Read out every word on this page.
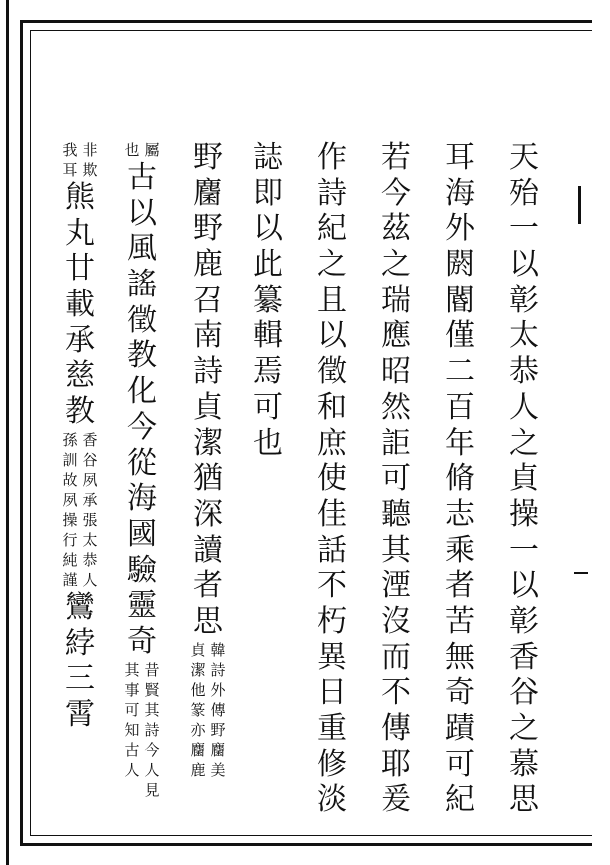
天
殆
一
以
彰
太
恭
人
之
貞
操
一
以
彰
香
谷
之
慕
思
耳
海
外
閼
閽
僅
二
百
年
脩
志
乘
者
苦
無
奇
蹟
可
紀
若
今
茲
之
瑞
應
昭
然
詎
可
聽
其
湮
沒
而
不
傳
耶
爰
作
詩
紀
之
且
以
徵
和
庶
使
佳
話
不
朽
異
日
重
修
淡
誌
即
以
此
纂
輯
焉
可
也
野
麕
野
鹿
召
南
詩
貞
潔
猶
深
讀
者
思
韓
詩
外
傳
野
麕
美
貞
潔
他
篆
亦
麕
鹿
屬
也
古
以
風
謠
徵
教
化
今
從
海
國
驗
靈
奇
昔
賢
其
詩
今
人
見
其
事
可
知
古
人
非
欺
我
耳
熊
丸
廿
載
承
慈
教
香
谷
夙
承
張
太
恭
人
孫
訓
故
夙
操
行
純
謹
鸞
綍
三
霄
